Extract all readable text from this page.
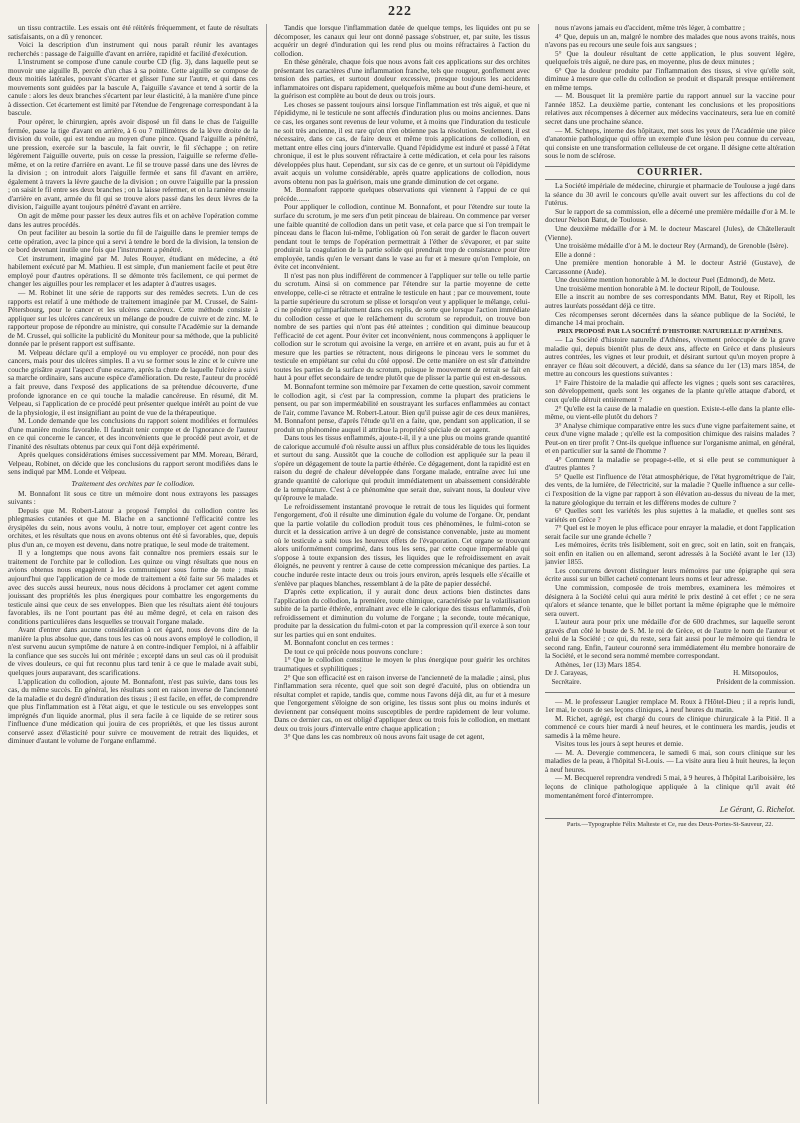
222

un tissu contractile. Les essais ont été réitérés fréquemment, et faute de résultats satisfaisants, on a dû y renoncer.

Voici la description d'un instrument qui nous paraît réunir les avantages recherchés : passage de l'aiguille d'avant en arrière, rapidité et facilité d'exécution.

L'instrument se compose d'une canule courbe CD (fig. 3), dans laquelle peut se mouvoir une aiguille B, percée d'un chas à sa pointe. Cette aiguille se compose de deux moitiés latérales, pouvant s'écarter et glisser l'une sur l'autre, et qui dans ces mouvements sont guidées par la bascule A, l'aiguille s'avance et tend à sortir de la canule : alors les deux branches s'écartent par leur élasticité, à la manière d'une pince à dissection. Cet écartement est limité par l'étendue de l'engrenage correspondant à la bascule.

Pour opérer, le chirurgien, après avoir disposé un fil dans le chas de l'aiguille fermée, passe la tige d'avant en arrière, à 6 ou 7 millimètres de la lèvre droite de la division du voile, qui est tendue au moyen d'une pince. Quand l'aiguille a pénétré, une pression, exercée sur la bascule, la fait ouvrir, le fil s'échappe ; on retire légèrement l'aiguille ouverte, puis on cesse la pression, l'aiguille se referme d'elle-même, et on la retire d'arrière en avant. Le fil se trouve passé dans une des lèvres de la division ; on introduit alors l'aiguille fermée et sans fil d'avant en arrière, également à travers la lèvre gauche de la division ; on ouvre l'aiguille par la pression ; on saisit le fil entre ses deux branches ; on la laisse refermer, et on la ramène ensuite d'arrière en avant, armée du fil qui se trouve alors passé dans les deux lèvres de la division, l'aiguille ayant toujours pénétré d'avant en arrière.

On agit de même pour passer les deux autres fils et on achève l'opération comme dans les autres procédés.

On peut faciliter au besoin la sortie du fil de l'aiguille dans le premier temps de cette opération, avec la pince qui a servi à tendre le bord de la division, la tension de ce bord devenant inutile une fois que l'instrument a pénétré.

Cet instrument, imaginé par M. Jules Rouyer, étudiant en médecine, a été habilement exécuté par M. Mathieu. Il est simple, d'un maniement facile et peut être employé pour d'autres opérations. Il se démonte très facilement, ce qui permet de changer les aiguilles pour les remplacer et les adapter à d'autres usages.

— M. Robinet lit une série de rapports sur des remèdes secrets. L'un de ces rapports est relatif à une méthode de traitement imaginée par M. Crussel, de Saint-Pétersbourg, pour le cancer et les ulcères cancéreux. Cette méthode consiste à appliquer sur les ulcères cancéreux un mélange de poudre de cuivre et de zinc. M. le rapporteur propose de répondre au ministre, qui consulte l'Académie sur la demande de M. Crussel, qui sollicite la publicité du Moniteur pour sa méthode, que la publicité donnée par le présent rapport est suffisante.

M. Velpeau déclare qu'il a employé ou vu employer ce procédé, non pour des cancers, mais pour des ulcères simples. Il a vu se former sous le zinc et le cuivre une couche grisâtre ayant l'aspect d'une escarre, après la chute de laquelle l'ulcère a suivi sa marche ordinaire, sans aucune espèce d'amélioration. Du reste, l'auteur du procédé a fait preuve, dans l'exposé des applications de sa prétendue découverte, d'une profonde ignorance en ce qui touche la maladie cancéreuse. En résumé, dit M. Velpeau, si l'application de ce procédé peut présenter quelque intérêt au point de vue de la physiologie, il est insignifiant au point de vue de la thérapeutique.

M. Londe demande que les conclusions du rapport soient modifiées et formulées d'une manière moins favorable. Il faudrait tenir compte et de l'ignorance de l'auteur en ce qui concerne le cancer, et des inconvénients que le procédé peut avoir, et de l'inanité des résultats obtenus par ceux qui l'ont déjà expérimenté.

Après quelques considérations émises successivement par MM. Moreau, Bérard, Velpeau, Robinet, on décide que les conclusions du rapport seront modifiées dans le sens indiqué par MM. Londe et Velpeau.

Traitement des orchites par le collodion.

M. Bonnafont lit sous ce titre un mémoire dont nous extrayons les passages suivants :

Depuis que M. Robert-Latour a proposé l'emploi du collodion contre les phlegmasies cutanées et que M. Blache en a sanctionné l'efficacité contre les érysipèles du sein, nous avons voulu, à notre tour, employer cet agent contre les orchites, et les résultats que nous en avons obtenus ont été si favorables, que, depuis plus d'un an, ce moyen est devenu, dans notre pratique, le seul mode de traitement.

Il y a longtemps que nous avons fait connaître nos premiers essais sur le traitement de l'orchite par le collodion. Les quinze ou vingt résultats que nous en avions obtenus nous engagèrent à les communiquer sous forme de note ; mais aujourd'hui que l'application de ce mode de traitement a été faite sur 56 malades et avec des succès aussi heureux, nous nous décidons à proclamer cet agent comme jouissant des propriétés les plus énergiques pour combattre les engorgements du testicule ainsi que ceux de ses enveloppes. Bien que les résultats aient été toujours favorables, ils ne l'ont pourtant pas été au même degré, et cela en raison des conditions particulières dans lesquelles se trouvait l'organe malade.

Avant d'entrer dans aucune considération à cet égard, nous devons dire de la manière la plus absolue que, dans tous les cas où nous avons employé le collodion, il n'est survenu aucun symptôme de nature à en contre-indiquer l'emploi, ni à affaiblir la confiance que ses succès lui ont méritée ; excepté dans un seul cas où il produisit de vives douleurs, ce qui fut reconnu plus tard tenir à ce que le malade avait subi, quelques jours auparavant, des scarifications.

L'application du collodion, ajoute M. Bonnafont, n'est pas suivie, dans tous les cas, du même succès. En général, les résultats sont en raison inverse de l'ancienneté de la maladie et du degré d'induration des tissus ; il est facile, en effet, de comprendre que plus l'inflammation est à l'état aigu, et que le testicule ou ses enveloppes sont imprégnés d'un liquide anormal, plus il sera facile à ce liquide de se retirer sous l'influence d'une médication qui jouira de ces propriétés, et que les tissus auront conservé assez d'élasticité pour suivre ce mouvement de retrait des liquides, et diminuer d'autant le volume de l'organe enflammé.

Tandis que lorsque l'inflammation datée de quelque temps, les liquides ont pu se décomposer, les canaux qui leur ont donné passage s'obstruer, et, par suite, les tissus acquérir un degré d'induration qui les rend plus ou moins réfractaires à l'action du collodion.

En thèse générale, chaque fois que nous avons fait ces applications sur des orchites présentant les caractères d'une inflammation franche, tels que rougeur, gonflement avec tension des parties, et surtout douleur excessive, presque toujours les accidents inflammatoires ont disparu rapidement, quelquefois même au bout d'une demi-heure, et la guérison est complète au bout de deux ou trois jours.

Les choses se passent toujours ainsi lorsque l'inflammation est très aiguë, et que ni l'épididyme, ni le testicule ne sont affectés d'induration plus ou moins anciennes. Dans ce cas, les organes sont revenus de leur volume, et à moins que l'induration du testicule ne soit très ancienne, il est rare qu'on n'en obtienne pas la résolution. Seulement, il est nécessaire, dans ce cas, de faire deux et même trois applications de collodion, en mettant entre elles cinq jours d'intervalle. Quand l'épididyme est induré et passé à l'état chronique, il est le plus souvent réfractaire à cette médication, et cela pour les raisons développées plus haut. Cependant, sur six cas de ce genre, et un surtout où l'épididyme avait acquis un volume considérable, après quatre applications de collodion, nous avons obtenu non pas la guérison, mais une grande diminution de cet organe.

M. Bonnafont rapporte quelques observations qui viennent à l'appui de ce qui précède.......

Pour appliquer le collodion, continue M. Bonnafont, et pour l'étendre sur toute la surface du scrotum, je me sers d'un petit pinceau de blaireau. On commence par verser une faible quantité de collodion dans un petit vase, et cela parce que si l'on trempait le pinceau dans le flacon lui-même, l'obligation où l'on serait de garder le flacon ouvert pendant tout le temps de l'opération permettrait à l'éther de s'évaporer, et par suite produirait la coagulation de la partie solide qui prendrait trop de consistance pour être employée, tandis qu'en le versant dans le vase au fur et à mesure qu'on l'emploie, on évite cet inconvénient.

Il n'est pas non plus indifférent de commencer à l'appliquer sur telle ou telle partie du scrotum. Ainsi si on commence par l'étendre sur la partie moyenne de cette enveloppe, celle-ci se rétracte et entraîne le testicule en haut ; par ce mouvement, toute la partie supérieure du scrotum se plisse et lorsqu'on veut y appliquer le mélange, celui-ci ne pénètre qu'imparfaitement dans ces replis, de sorte que lorsque l'action immédiate du collodion cesse et que le relâchement du scrotum se reproduit, on trouve bon nombre de ses parties qui n'ont pas été atteintes ; condition qui diminue beaucoup l'efficacité de cet agent. Pour éviter cet inconvénient, nous commençons à appliquer le collodion sur le scrotum qui avoisine la verge, en arrière et en avant, puis au fur et à mesure que les parties se rétractent, nous dirigeons le pinceau vers le sommet du testicule en empiétant sur celui du côté opposé. De cette manière on est sûr d'atteindre toutes les parties de la surface du scrotum, puisque le mouvement de retrait se fait en haut à pour effet secondaire de tendre plutôt que de plisser la partie qui est en-dessous.

M. Bonnafont termine son mémoire par l'examen de cette question, savoir comment le collodion agit, si c'est par la compression, comme la plupart des praticiens le pensent, ou par son imperméabilité en soustrayant les surfaces enflammées au contact de l'air, comme l'avance M. Robert-Latour. Bien qu'il puisse agir de ces deux manières, M. Bonnafont pense, d'après l'étude qu'il en a faite, que, pendant son application, il se produit un phénomène auquel il attribue la propriété spéciale de cet agent.

Dans tous les tissus enflammés, ajoute-t-il, il y a une plus ou moins grande quantité de calorique accumulé d'où résulte aussi un afflux plus considérable de tous les liquides et surtout du sang. Aussitôt que la couche de collodion est appliquée sur la peau il s'opère un dégagement de toute la partie éthérée. Ce dégagement, dont la rapidité est en raison du degré de chaleur développée dans l'organe malade, entraîne avec lui une grande quantité de calorique qui produit immédiatement un abaissement considérable de la température. C'est à ce phénomène que serait due, suivant nous, la douleur vive qu'éprouve le malade.

Le refroidissement instantané provoque le retrait de tous les liquides qui forment l'engorgement, d'où il résulte une diminution égale du volume de l'organe. Or, pendant que la partie volatile du collodion produit tous ces phénomènes, le fulmi-coton se durcit et la dessication arrive à un degré de consistance convenable, juste au moment où le testicule a subi tous les heureux effets de l'évaporation. Cet organe se trouvant alors uniformément comprimé, dans tous les sens, par cette coque imperméable qui s'oppose à toute expansion des tissus, les liquides que le refroidissement en avait éloignés, ne peuvent y rentrer à cause de cette compression mécanique des parties. La couche indurée reste intacte deux ou trois jours environ, après lesquels elle s'écaille et s'enlève par plaques blanches, ressemblant à de la pâte de papier desséché.

D'après cette explication, il y aurait donc deux actions bien distinctes dans l'application du collodion, la première, toute chimique, caractérisée par la volatilisation subite de la partie éthérée, entraînant avec elle le calorique des tissus enflammés, d'où refroidissement et diminution du volume de l'organe ; la seconde, toute mécanique, produite par la dessication du fulmi-coton et par la compression qu'il exerce à son tour sur les parties qui en sont enduites.

M. Bonnafont conclut en ces termes :

De tout ce qui précède nous pouvons conclure :

1° Que le collodion constitue le moyen le plus énergique pour guérir les orchites traumatiques et syphilitiques ;

2° Que son efficacité est en raison inverse de l'ancienneté de la maladie ; ainsi, plus l'inflammation sera récente, quel que soit son degré d'acuité, plus on obtiendra un résultat complet et rapide, tandis que, comme nous l'avons déjà dit, au fur et à mesure que l'engorgement s'éloigne de son origine, les tissus sont plus ou moins indurés et deviennent par conséquent moins susceptibles de perdre rapidement de leur volume. Dans ce dernier cas, on est obligé d'appliquer deux ou trois fois le collodion, en mettant deux ou trois jours d'intervalle entre chaque application ;

3° Que dans les cas nombreux où nous avons fait usage de cet agent,

nous n'avons jamais eu d'accident, même très léger, à combattre ;

4° Que, depuis un an, malgré le nombre des malades que nous avons traités, nous n'avons pas eu recours une seule fois aux sangsues ;

5° Que la douleur résultant de cette application, le plus souvent légère, quelquefois très aiguë, ne dure pas, en moyenne, plus de deux minutes ;

6° Que la douleur produite par l'inflammation des tissus, si vive qu'elle soit, diminue à mesure que celle du collodion se produit et disparaît presque entièrement en même temps.

— M. Bousquet lit la première partie du rapport annuel sur la vaccine pour l'année 1852. La deuxième partie, contenant les conclusions et les propositions relatives aux récompenses à décerner aux médecins vaccinateurs, sera lue en comité secret dans une prochaine séance.

— M. Schneps, interne des hôpitaux, met sous les yeux de l'Académie une pièce d'anatomie pathologique qui offre un exemple d'une lésion peu connue du cerveau, qui consiste en une transformation celluleuse de cet organe. Il désigne cette altération sous le nom de sclérose.

COURRIER.

La Société impériale de médecine, chirurgie et pharmacie de Toulouse a jugé dans la séance du 30 avril le concours qu'elle avait ouvert sur les affections du col de l'utérus.

Sur le rapport de sa commission, elle a décerné une première médaille d'or à M. le docteur Nelson Batut, de Toulouse.

Une deuxième médaille d'or à M. le docteur Mascarel (Jules), de Châtellerault (Vienne).

Une troisième médaille d'or à M. le docteur Rey (Armand), de Grenoble (Isère).

Elle a donné :

Une première mention honorable à M. le docteur Astrié (Gustave), de Carcassonne (Aude).

Une deuxième mention honorable à M. le docteur Puel (Edmond), de Metz.

Une troisième mention honorable à M. le docteur Ripoll, de Toulouse.

Elle a inscrit au nombre de ses correspondants MM. Batut, Rey et Ripoll, les autres lauréats possédant déjà ce titre.

Ces récompenses seront décernées dans la séance publique de la Société, le dimanche 14 mai prochain.

PRIX PROPOSÉ PAR LA SOCIÉTÉ D'HISTOIRE NATURELLE D'ATHÈNES.

— La Société d'histoire naturelle d'Athènes, vivement préoccupée de la grave maladie qui, depuis bientôt plus de deux ans, affecte en Grèce et dans plusieurs autres contrées, les vignes et leur produit, et désirant surtout qu'un moyen propre à enrayer ce fléau soit découvert, a décidé, dans sa séance du 1er (13) mars 1854, de mettre au concours les questions suivantes :

1° Faire l'histoire de la maladie qui affecte les vignes ; quels sont ses caractères, son développement, quels sont les organes de la plante qu'elle attaque d'abord, et ceux qu'elle détruit entièrement ?

2° Qu'elle est la cause de la maladie en question. Existe-t-elle dans la plante elle-même, ou vient-elle plutôt du dehors ?

3° Analyse chimique comparative entre les sucs d'une vigne parfaitement saine, et ceux d'une vigne malade ; qu'elle est la composition chimique des raisins malades ? Peut-on en tirer profit ? Ont-ils quelque influence sur l'organisme animal, en général, et en particulier sur la santé de l'homme ?

4° Comment la maladie se propage-t-elle, et si elle peut se communiquer à d'autres plantes ?

5° Quelle est l'influence de l'état atmosphérique, de l'état hygrométrique de l'air, des vents, de la lumière, de l'électricité, sur la maladie ? Quelle influence a sur celle-ci l'exposition de la vigne par rapport à son élévation au-dessus du niveau de la mer, la nature géologique du terrain et les différens modes de culture ?

6° Quelles sont les variétés les plus sujettes à la maladie, et quelles sont ses variétés en Grèce ?

7° Quel est le moyen le plus efficace pour enrayer la maladie, et dont l'application serait facile sur une grande échelle ?

Les mémoires, écrits très lisiblement, soit en grec, soit en latin, soit en français, soit enfin en italien ou en allemand, seront adressés à la Société avant le 1er (13) janvier 1855.

Les concurrens devront distinguer leurs mémoires par une épigraphe qui sera écrite aussi sur un billet cacheté contenant leurs noms et leur adresse.

Une commission, composée de trois membres, examinera les mémoires et désignera à la Société celui qui aura mérité le prix destiné à cet effet ; ce ne sera qu'alors et séance tenante, que le billet portant la même épigraphe que le mémoire sera ouvert.

L'auteur aura pour prix une médaille d'or de 600 drachmes, sur laquelle seront gravés d'un côté le buste de S. M. le roi de Grèce, et de l'autre le nom de l'auteur et celui de la Société ; ce qui, du reste, sera fait aussi pour le mémoire qui tiendra le second rang. Enfin, l'auteur couronné sera immédiatement élu membre honoraire de la Société, et le second sera nommé membre correspondant.

Athènes, 1er (13) Mars 1854.

Dr J. Carayeas,
Secrétaire.
H. Mitsopoulos,
Président de la commission.

— M. le professeur Laugier remplace M. Roux à l'Hôtel-Dieu ; il a repris lundi, 1er mai, le cours de ses leçons cliniques, à neuf heures du matin.

M. Richet, agrégé, est chargé du cours de clinique chirurgicale à la Pitié. Il a commencé ce cours hier mardi à neuf heures, et le continuera les mardis, jeudis et samedis à la même heure.

Visites tous les jours à sept heures et demie.

— M. A. Devergie commencera, le samedi 6 mai, son cours clinique sur les maladies de la peau, à l'hôpital St-Louis. — La visite aura lieu à huit heures, la leçon à neuf heures.

— M. Becquerel reprendra vendredi 5 mai, à 9 heures, à l'hôpital Lariboisière, les leçons de clinique pathologique appliquée à la clinique qu'il avait été momentanément forcé d'interrompre.

Le Gérant, G. Richelot.
Paris.—Typographie Félix Malteste et Ce, rue des Deux-Portes-St-Sauveur, 22.
